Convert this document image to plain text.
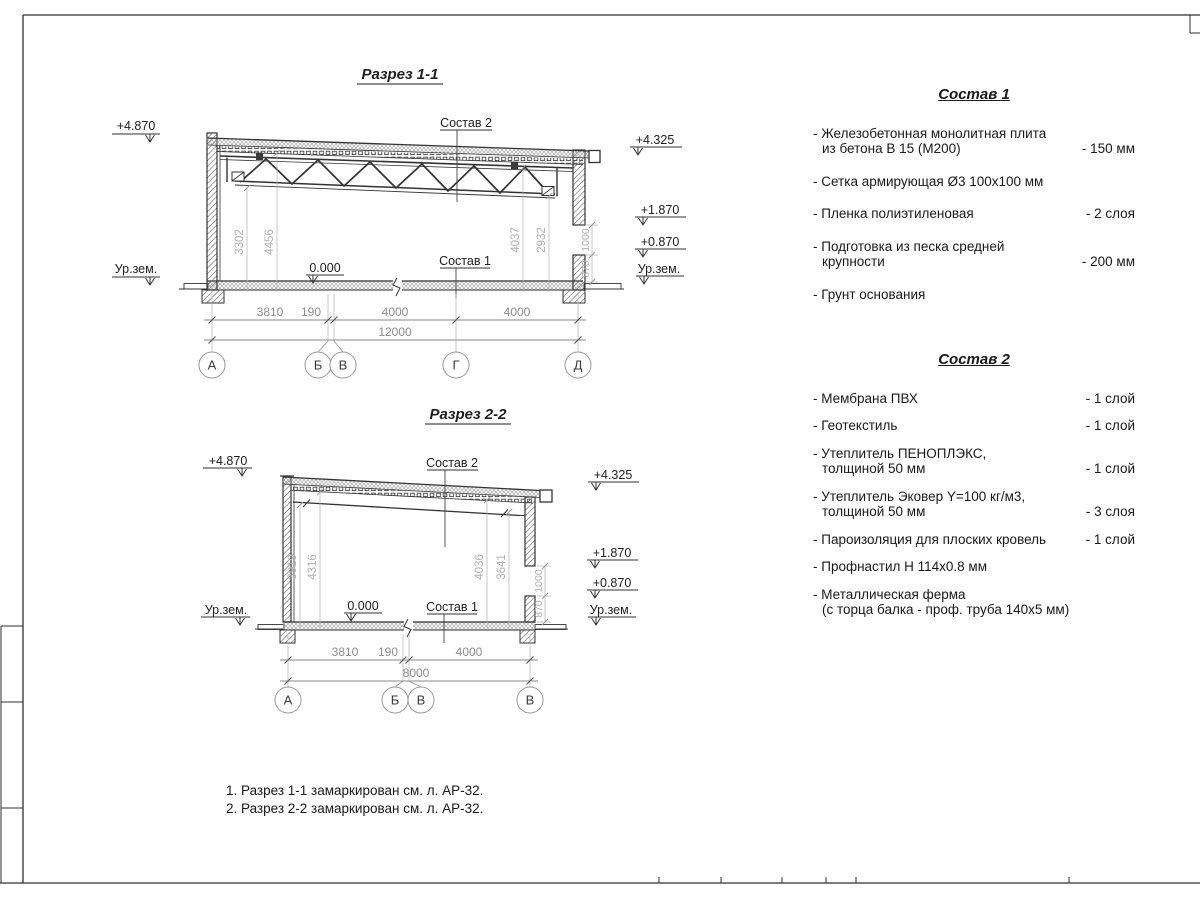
Разрез 1-1
3302 4456	4037 2932	1000
870
Состав 2
Состав 1
0.000
+4.870
Ур.зем.
+4.325
+1.870
+0.870
Ур.зем.
3810 190	4000	4000
12000
А	Б В	Г	Д
Разрез 2-2
3919 4316	4036 3641
1000
870
Состав 2
Состав 1
0.000
+4.870
Ур.зем.
+4.325
+1.870
+0.870
Ур.зем.
3810 190	4000
8000
А	Б В	В
Состав 1
- Железобетонная монолитная плита
из бетона В 15 (М200)	- 150 мм
- Сетка армирующая Ø3 100x100 мм
- Пленка полиэтиленовая	- 2 слоя
- Подготовка из песка средней
крупности	- 200 мм
- Грунт основания
Состав 2
- Мембрана ПВХ	- 1 слой
- Геотекстиль	- 1 слой
- Утеплитель ПЕНОПЛЭКС,
толщиной 50 мм	- 1 слой
- Утеплитель Эковер Y=100 кг/м3,
толщиной 50 мм	- 3 слоя
- Пароизоляция для плоских кровель	- 1 слой
- Профнастил Н 114x0.8 мм
- Металлическая ферма
(с торца балка - проф. труба 140x5 мм)
1. Разрез 1-1 замаркирован см. л. АР-32.
2. Разрез 2-2 замаркирован см. л. АР-32.
